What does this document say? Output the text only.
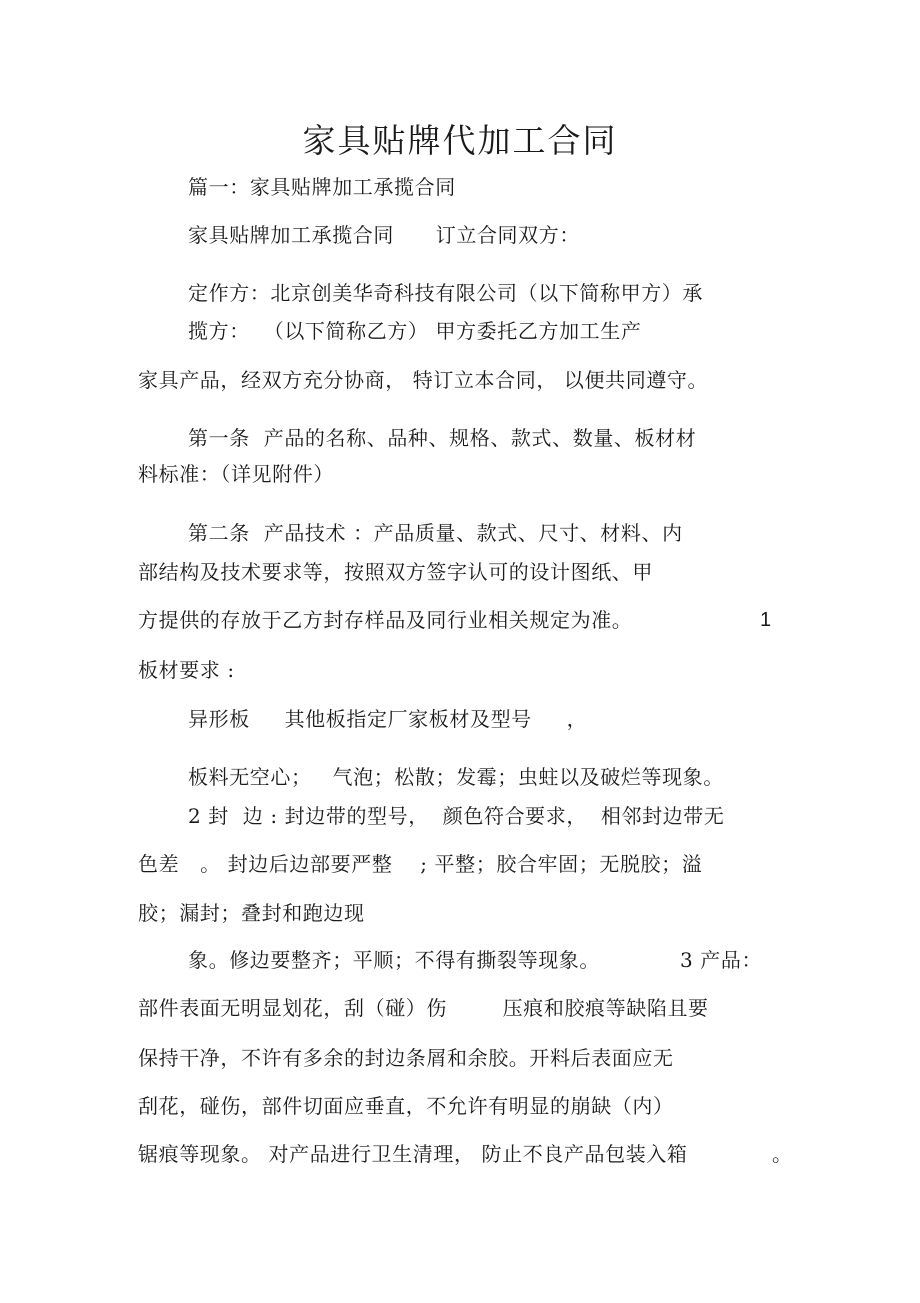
家具贴牌代加工合同
篇一：家具贴牌加工承揽合同
家具贴牌加工承揽合同      订立合同双方：
定作方：北京创美华奇科技有限公司（以下简称甲方）承
揽方：  （以下简称乙方） 甲方委托乙方加工生产
家具产品，经双方充分协商， 特订立本合同， 以便共同遵守。
第一条  产品的名称、品种、规格、款式、数量、板材材
料标准：（详见附件）
第二条  产品技术 ：产品质量、款式、尺寸、材料、内
部结构及技术要求等，按照双方签字认可的设计图纸、甲
方提供的存放于乙方封存样品及同行业相关规定为准。	1
板材要求 :
异形板     其他板指定厂家板材及型号     ，
板料无空心；   气泡；松散；发霉；虫蛀以及破烂等现象。
2 封  边 : 封边带的型号，  颜色符合要求，  相邻封边带无
色差   。 封边后边部要严整    ; 平整；胶合牢固；无脱胶；溢
胶；漏封；叠封和跑边现
象。修边要整齐；平顺；不得有撕裂等现象。	3 产品：
部件表面无明显划花，刮（碰）伤        压痕和胶痕等缺陷且要
保持干净，不许有多余的封边条屑和余胶。开料后表面应无
刮花，碰伤，部件切面应垂直，不允许有明显的崩缺（内）
锯痕等现象。 对产品进行卫生清理， 防止不良产品包装入箱	。
